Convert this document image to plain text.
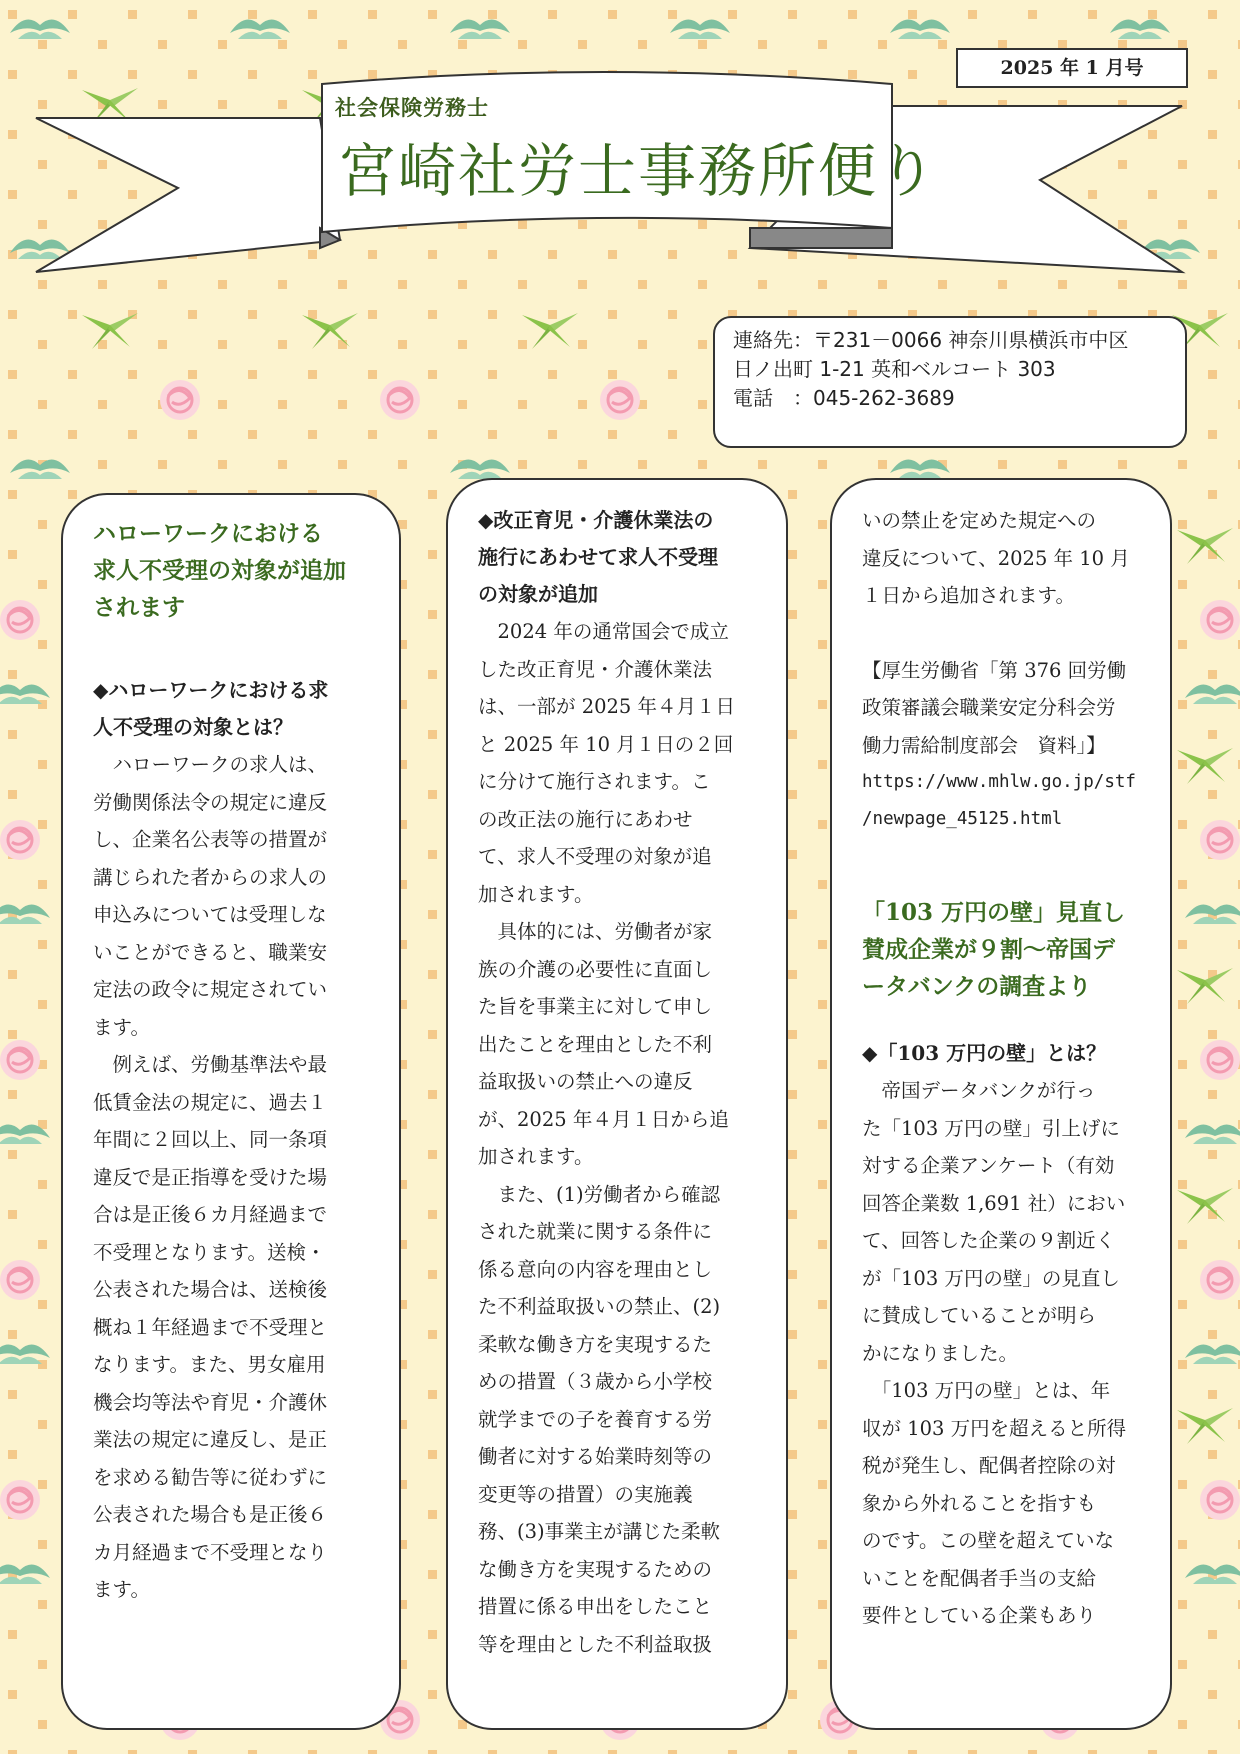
社会保険労務士
宮崎社労士事務所便り
2025 年 1 月号
連絡先：〒231－0066 神奈川県横浜市中区
日ノ出町 1-21 英和ベルコート 303
電話　：045-262-3689

ハローワークにおける

求人不受理の対象が追加

されます

◆ハローワークにおける求

人不受理の対象とは？

　ハローワークの求人は、

労働関係法令の規定に違反

し、企業名公表等の措置が

講じられた者からの求人の

申込みについては受理しな

いことができると、職業安

定法の政令に規定されてい

ます。

　例えば、労働基準法や最

低賃金法の規定に、過去１

年間に２回以上、同一条項

違反で是正指導を受けた場

合は是正後６カ月経過まで

不受理となります。送検・

公表された場合は、送検後

概ね１年経過まで不受理と

なります。また、男女雇用

機会均等法や育児・介護休

業法の規定に違反し、是正

を求める勧告等に従わずに

公表された場合も是正後６

カ月経過まで不受理となり

ます。

◆改正育児・介護休業法の

施行にあわせて求人不受理

の対象が追加

　2024 年の通常国会で成立

した改正育児・介護休業法

は、一部が 2025 年４月１日

と 2025 年 10 月１日の２回

に分けて施行されます。こ

の改正法の施行にあわせ

て、求人不受理の対象が追

加されます。

　具体的には、労働者が家

族の介護の必要性に直面し

た旨を事業主に対して申し

出たことを理由とした不利

益取扱いの禁止への違反

が、2025 年４月１日から追

加されます。

　また、(1)労働者から確認

された就業に関する条件に

係る意向の内容を理由とし

た不利益取扱いの禁止、(2)

柔軟な働き方を実現するた

めの措置（３歳から小学校

就学までの子を養育する労

働者に対する始業時刻等の

変更等の措置）の実施義

務、(3)事業主が講じた柔軟

な働き方を実現するための

措置に係る申出をしたこと

等を理由とした不利益取扱

いの禁止を定めた規定への

違反について、2025 年 10 月

１日から追加されます。

【厚生労働省「第 376 回労働

政策審議会職業安定分科会労

働力需給制度部会　資料」】

https://www.mhlw.go.jp/stf

/newpage_45125.html

「103 万円の壁」見直し

賛成企業が９割～帝国デ

ータバンクの調査より

◆「103 万円の壁」とは？

　帝国データバンクが行っ

た「103 万円の壁」引上げに

対する企業アンケート（有効

回答企業数 1,691 社）におい

て、回答した企業の９割近く

が「103 万円の壁」の見直し

に賛成していることが明ら

かになりました。

　「103 万円の壁」とは、年

収が 103 万円を超えると所得

税が発生し、配偶者控除の対

象から外れることを指すも

のです。この壁を超えていな

いことを配偶者手当の支給

要件としている企業もあり
